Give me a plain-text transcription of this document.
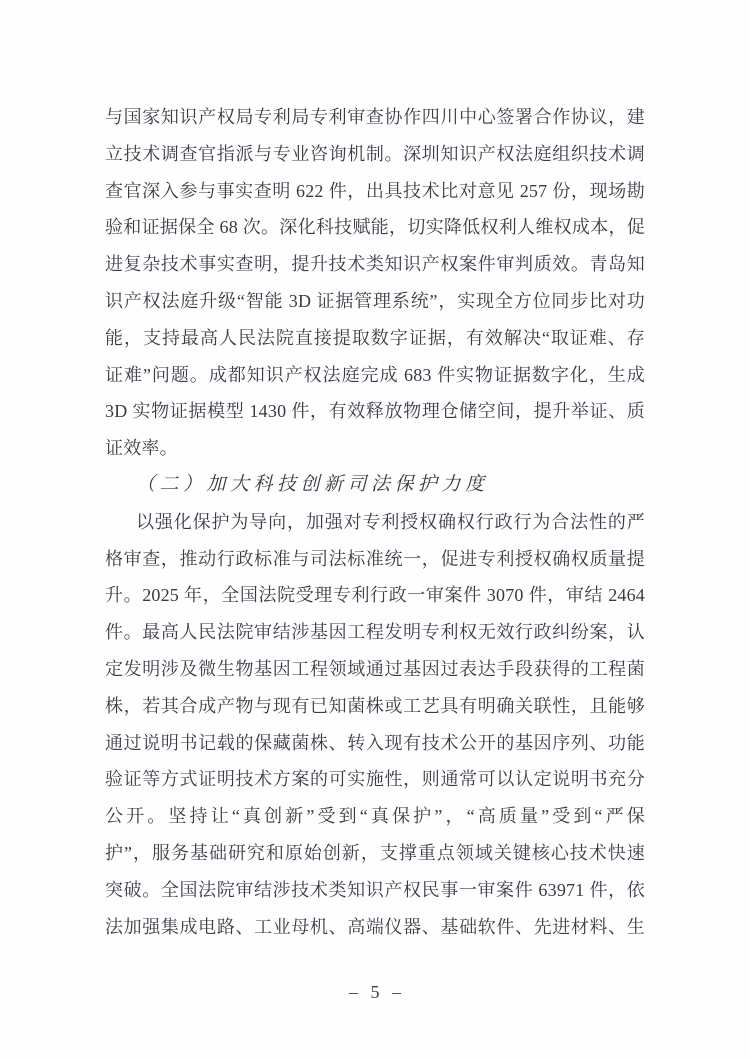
与国家知识产权局专利局专利审查协作四川中心签署合作协议，建
立技术调查官指派与专业咨询机制。深圳知识产权法庭组织技术调
查官深入参与事实查明 622 件，出具技术比对意见 257 份，现场勘
验和证据保全 68 次。深化科技赋能，切实降低权利人维权成本，促
进复杂技术事实查明，提升技术类知识产权案件审判质效。青岛知
识产权法庭升级“智能 3D 证据管理系统”，实现全方位同步比对功
能，支持最高人民法院直接提取数字证据，有效解决“取证难、存
证难”问题。成都知识产权法庭完成 683 件实物证据数字化，生成
3D 实物证据模型 1430 件，有效释放物理仓储空间，提升举证、质
证效率。
（二）加大科技创新司法保护力度
以强化保护为导向，加强对专利授权确权行政行为合法性的严
格审查，推动行政标准与司法标准统一，促进专利授权确权质量提
升。2025 年，全国法院受理专利行政一审案件 3070 件，审结 2464
件。最高人民法院审结涉基因工程发明专利权无效行政纠纷案，认
定发明涉及微生物基因工程领域通过基因过表达手段获得的工程菌
株，若其合成产物与现有已知菌株或工艺具有明确关联性，且能够
通过说明书记载的保藏菌株、转入现有技术公开的基因序列、功能
验证等方式证明技术方案的可实施性，则通常可以认定说明书充分
公开。坚持让“真创新”受到“真保护”，“高质量”受到“严保
护”，服务基础研究和原始创新，支撑重点领域关键核心技术快速
突破。全国法院审结涉技术类知识产权民事一审案件 63971 件，依
法加强集成电路、工业母机、高端仪器、基础软件、先进材料、生
– 5 –
